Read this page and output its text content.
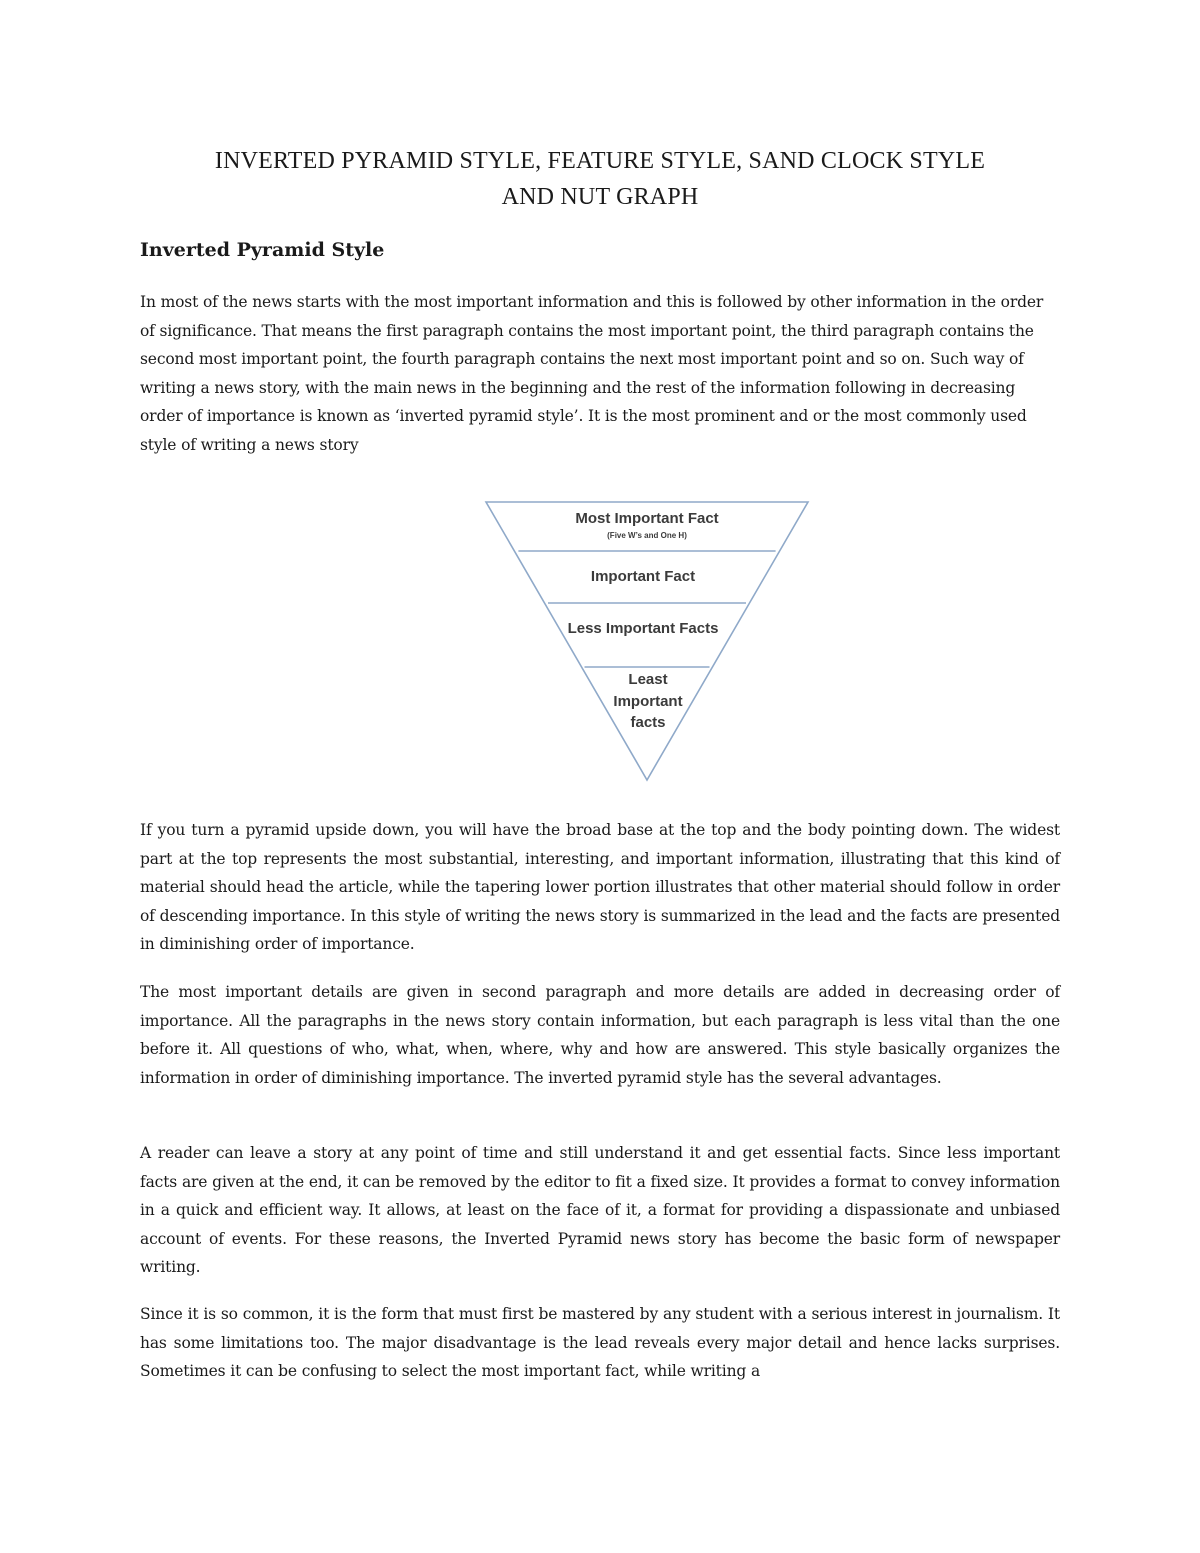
INVERTED PYRAMID STYLE, FEATURE STYLE, SAND CLOCK STYLE
AND NUT GRAPH
Inverted Pyramid Style

In most of the news starts with the most important information and this is followed by other information in the order of significance. That means the first paragraph contains the most important point, the third paragraph contains the second most important point, the fourth paragraph contains the next most important point and so on. Such way of writing a news story, with the main news in the beginning and the rest of the information following in decreasing order of importance is known as ‘inverted pyramid style’. It is the most prominent and or the most commonly used style of writing a news story

Most Important Fact
(Five W’s and One H)
Important Fact
Less Important Facts
Least
Important
facts

If you turn a pyramid upside down, you will have the broad base at the top and the body pointing down. The widest part at the top represents the most substantial, interesting, and important information, illustrating that this kind of material should head the article, while the tapering lower portion illustrates that other material should follow in order of descending importance. In this style of writing the news story is summarized in the lead and the facts are presented in diminishing order of importance.

The most important details are given in second paragraph and more details are added in decreasing order of importance. All the paragraphs in the news story contain information, but each paragraph is less vital than the one before it. All questions of who, what, when, where, why and how are answered. This style basically organizes the information in order of diminishing importance. The inverted pyramid style has the several advantages.

A reader can leave a story at any point of time and still understand it and get essential facts. Since less important facts are given at the end, it can be removed by the editor to fit a fixed size. It provides a format to convey information in a quick and efficient way. It allows, at least on the face of it, a format for providing a dispassionate and unbiased account of events. For these reasons, the Inverted Pyramid news story has become the basic form of newspaper writing.

Since it is so common, it is the form that must first be mastered by any student with a serious interest in journalism. It has some limitations too. The major disadvantage is the lead reveals every major detail and hence lacks surprises. Sometimes it can be confusing to select the most important fact, while writing a
